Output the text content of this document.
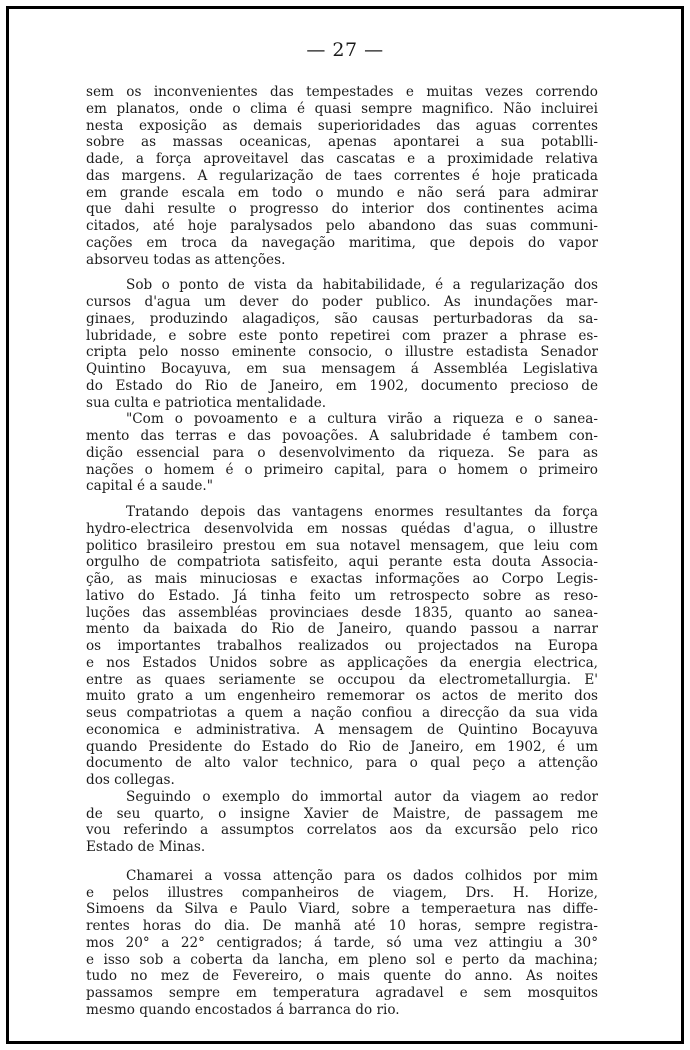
— 27 —
sem os inconvenientes das tempestades e muitas vezes correndo
em planatos, onde o clima é quasi sempre magnifico. Não incluirei
nesta exposição as demais superioridades das aguas correntes
sobre as massas oceanicas, apenas apontarei a sua potablli-
dade, a força aproveitavel das cascatas e a proximidade relativa
das margens. A regularização de taes correntes é hoje praticada
em grande escala em todo o mundo e não será para admirar
que dahi resulte o progresso do interior dos continentes acima
citados, até hoje paralysados pelo abandono das suas communi-
cações em troca da navegação maritima, que depois do vapor
absorveu todas as attenções.
Sob o ponto de vista da habitabilidade, é a regularização dos
cursos d'agua um dever do poder publico. As inundações mar-
ginaes, produzindo alagadiços, são causas perturbadoras da sa-
lubridade, e sobre este ponto repetirei com prazer a phrase es-
cripta pelo nosso eminente consocio, o illustre estadista Senador
Quintino Bocayuva, em sua mensagem á Assembléa Legislativa
do Estado do Rio de Janeiro, em 1902, documento precioso de
sua culta e patriotica mentalidade.
"Com o povoamento e a cultura virão a riqueza e o sanea-
mento das terras e das povoações. A salubridade é tambem con-
dição essencial para o desenvolvimento da riqueza. Se para as
nações o homem é o primeiro capital, para o homem o primeiro
capital é a saude."
Tratando depois das vantagens enormes resultantes da força
hydro-electrica desenvolvida em nossas quédas d'agua, o illustre
politico brasileiro prestou em sua notavel mensagem, que leiu com
orgulho de compatriota satisfeito, aqui perante esta douta Associa-
ção, as mais minuciosas e exactas informações ao Corpo Legis-
lativo do Estado. Já tinha feito um retrospecto sobre as reso-
luções das assembléas provinciaes desde 1835, quanto ao sanea-
mento da baixada do Rio de Janeiro, quando passou a narrar
os importantes trabalhos realizados ou projectados na Europa
e nos Estados Unidos sobre as applicações da energia electrica,
entre as quaes seriamente se occupou da electrometallurgia. E'
muito grato a um engenheiro rememorar os actos de merito dos
seus compatriotas a quem a nação confiou a direcção da sua vida
economica e administrativa. A mensagem de Quintino Bocayuva
quando Presidente do Estado do Rio de Janeiro, em 1902, é um
documento de alto valor technico, para o qual peço a attenção
dos collegas.
Seguindo o exemplo do immortal autor da viagem ao redor
de seu quarto, o insigne Xavier de Maistre, de passagem me
vou referindo a assumptos correlatos aos da excursão pelo rico
Estado de Minas.
Chamarei a vossa attenção para os dados colhidos por mim
e pelos illustres companheiros de viagem, Drs. H. Horize,
Simoens da Silva e Paulo Viard, sobre a temperaetura nas diffe-
rentes horas do dia. De manhã até 10 horas, sempre registra-
mos 20° a 22° centigrados; á tarde, só uma vez attingiu a 30°
e isso sob a coberta da lancha, em pleno sol e perto da machina;
tudo no mez de Fevereiro, o mais quente do anno. As noites
passamos sempre em temperatura agradavel e sem mosquitos
mesmo quando encostados á barranca do rio.
